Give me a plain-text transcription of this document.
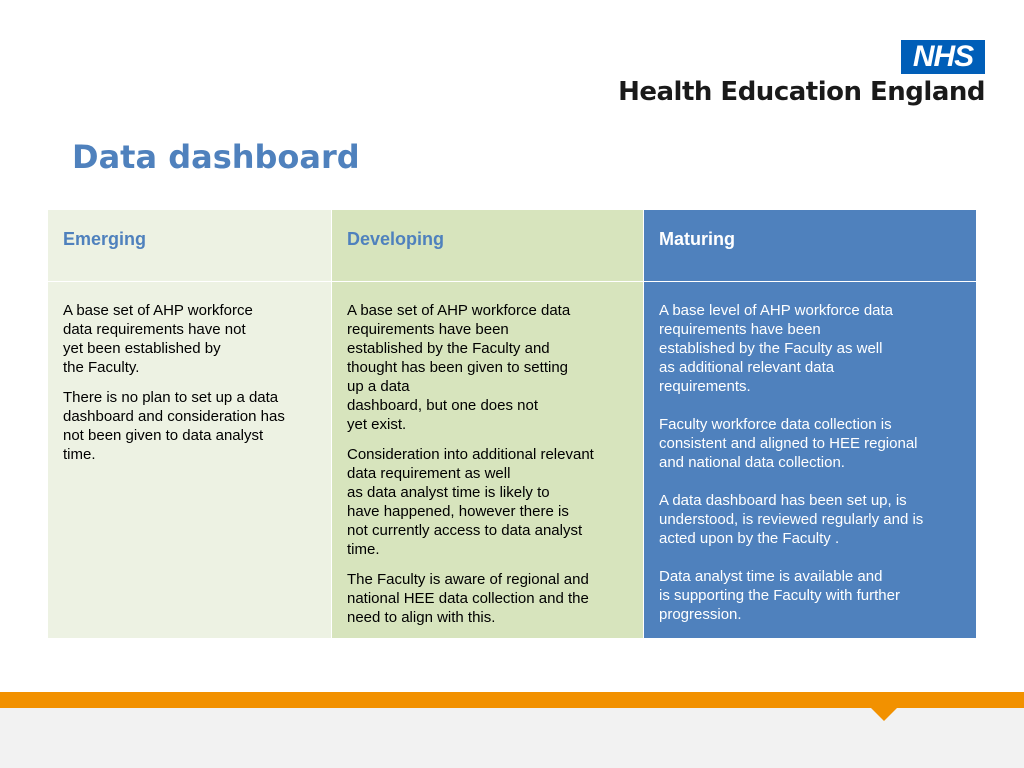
NHS
Health Education England
Data dashboard
Emerging	Developing	Maturing

A base set of AHP workforce
data requirements have not
yet been established by
the Faculty.

There is no plan to set up a data
dashboard and consideration has
not been given to data analyst
time.

A base set of AHP workforce data
requirements have been
established by the Faculty and
thought has been given to setting
up a data
dashboard, but one does not
yet exist.

Consideration into additional relevant
data requirement as well
as data analyst time is likely to
have happened, however there is
not currently access to data analyst
time.

The Faculty is aware of regional and
national HEE data collection and the
need to align with this.

A base level of AHP workforce data
requirements have been
established by the Faculty as well
as additional relevant data
requirements.

Faculty workforce data collection is
consistent and aligned to HEE regional
and national data collection.

A data dashboard has been set up, is
understood, is reviewed regularly and is
acted upon by the Faculty .

Data analyst time is available and
is supporting the Faculty with further
progression.
